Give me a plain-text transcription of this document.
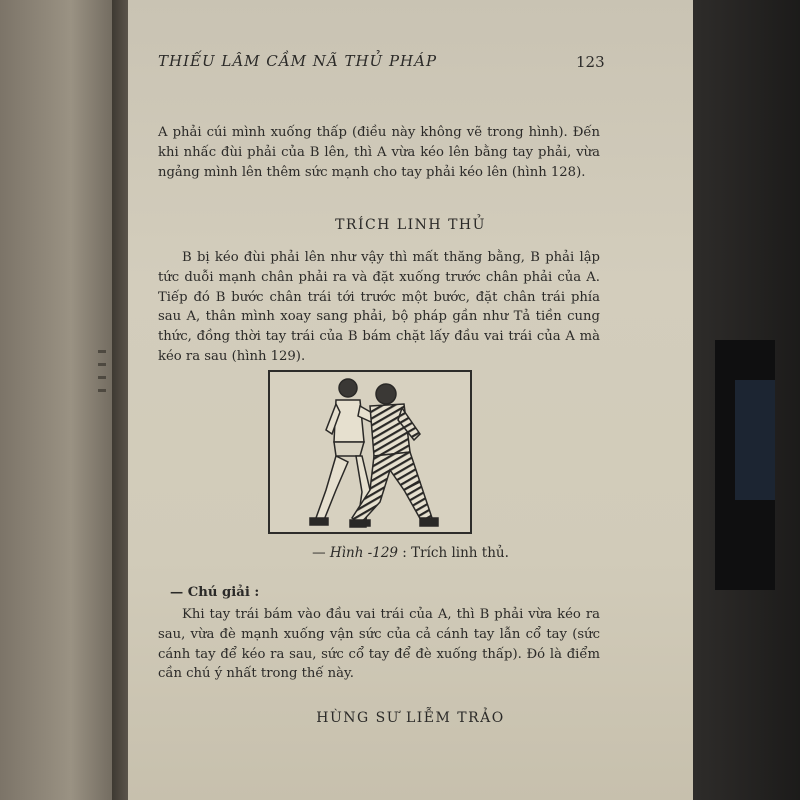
THIẾU LÂM CẦM NÃ THỦ PHÁP	123
A phải cúi mình xuống thấp (điều này không vẽ trong hình). Đến khi nhấc đùi phải của B lên, thì A vừa kéo lên bằng tay phải, vừa ngảng mình lên thêm sức mạnh cho tay phải kéo lên (hình 128).
TRÍCH LINH THỦ
B bị kéo đùi phải lên như vậy thì mất thăng bằng, B phải lập tức duỗi mạnh chân phải ra và đặt xuống trước chân phải của A. Tiếp đó B bước chân trái tới trước một bước, đặt chân trái phía sau A, thân mình xoay sang phải, bộ pháp gần như Tả tiền cung thức, đồng thời tay trái của B bám chặt lấy đầu vai trái của A mà kéo ra sau (hình 129).
— Hình -129 : Trích linh thủ.
— Chú giải :
Khi tay trái bám vào đầu vai trái của A, thì B phải vừa kéo ra sau, vừa đè mạnh xuống vận sức của cả cánh tay lẫn cổ tay (sức cánh tay để kéo ra sau, sức cổ tay để đè xuống thấp). Đó là điểm cần chú ý nhất trong thế này.
HÙNG SƯ LIỄM TRẢO
